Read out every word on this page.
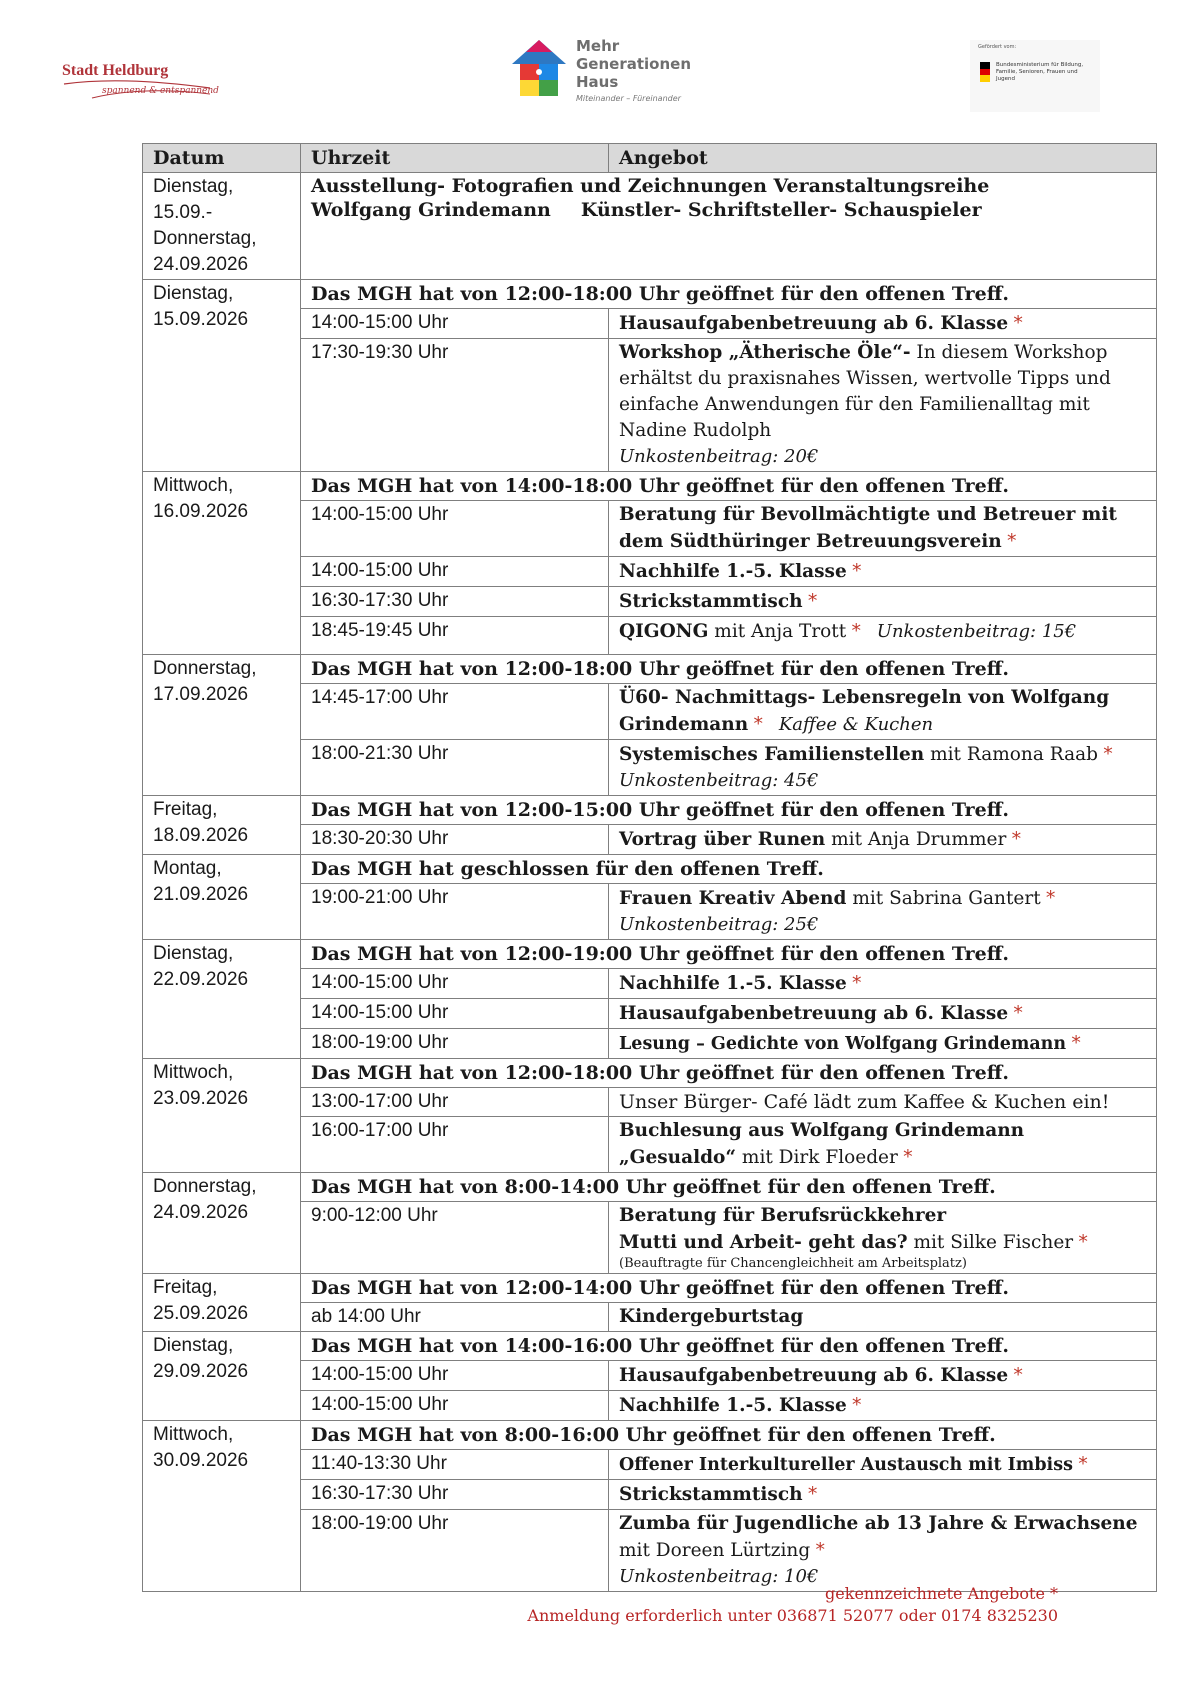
Stadt Heldburg
spannend & entspannend
Mehr
Generationen
Haus
Miteinander – Füreinander
Gefördert vom:
Bundesministerium für Bildung, Familie, Senioren, Frauen und Jugend
Datum	Uhrzeit	Angebot
Dienstag,
15.09.-
Donnerstag,
24.09.2026	Ausstellung- Fotografien und Zeichnungen Veranstaltungsreihe
Wolfgang Grindemann Künstler- Schriftsteller- Schauspieler	
Dienstag,
15.09.2026	Das MGH hat von 12:00-18:00 Uhr geöffnet für den offenen Treff.	
	14:00-15:00 Uhr	Hausaufgabenbetreuung ab 6. Klasse *
	17:30-19:30 Uhr	Workshop „Ätherische Öle“- In diesem Workshop erhältst du praxisnahes Wissen, wertvolle Tipps und einfache Anwendungen für den Familienalltag mit Nadine Rudolph
Unkostenbeitrag: 20€
Mittwoch,
16.09.2026	Das MGH hat von 14:00-18:00 Uhr geöffnet für den offenen Treff.	
	14:00-15:00 Uhr	Beratung für Bevollmächtigte und Betreuer mit dem Südthüringer Betreuungsverein *
	14:00-15:00 Uhr	Nachhilfe 1.-5. Klasse *
	16:30-17:30 Uhr	Strickstammtisch *
	18:45-19:45 Uhr	QIGONG mit Anja Trott * Unkostenbeitrag: 15€
Donnerstag,
17.09.2026	Das MGH hat von 12:00-18:00 Uhr geöffnet für den offenen Treff.	
	14:45-17:00 Uhr	Ü60- Nachmittags- Lebensregeln von Wolfgang Grindemann * Kaffee & Kuchen
	18:00-21:30 Uhr	Systemisches Familienstellen mit Ramona Raab *
Unkostenbeitrag: 45€
Freitag,
18.09.2026	Das MGH hat von 12:00-15:00 Uhr geöffnet für den offenen Treff.	
	18:30-20:30 Uhr	Vortrag über Runen mit Anja Drummer *
Montag,
21.09.2026	Das MGH hat geschlossen für den offenen Treff.	
	19:00-21:00 Uhr	Frauen Kreativ Abend mit Sabrina Gantert *
Unkostenbeitrag: 25€
Dienstag,
22.09.2026	Das MGH hat von 12:00-19:00 Uhr geöffnet für den offenen Treff.	
	14:00-15:00 Uhr	Nachhilfe 1.-5. Klasse *
	14:00-15:00 Uhr	Hausaufgabenbetreuung ab 6. Klasse *
	18:00-19:00 Uhr	Lesung – Gedichte von Wolfgang Grindemann *
Mittwoch,
23.09.2026	Das MGH hat von 12:00-18:00 Uhr geöffnet für den offenen Treff.	
	13:00-17:00 Uhr	Unser Bürger- Café lädt zum Kaffee & Kuchen ein!
	16:00-17:00 Uhr	Buchlesung aus Wolfgang Grindemann „Gesualdo“ mit Dirk Floeder *
Donnerstag,
24.09.2026	Das MGH hat von 8:00-14:00 Uhr geöffnet für den offenen Treff.	
	9:00-12:00 Uhr	Beratung für Berufsrückkehrer
Mutti und Arbeit- geht das? mit Silke Fischer *
(Beauftragte für Chancengleichheit am Arbeitsplatz)

Freitag,
25.09.2026	Das MGH hat von 12:00-14:00 Uhr geöffnet für den offenen Treff.	
	ab 14:00 Uhr	Kindergeburtstag
Dienstag,
29.09.2026	Das MGH hat von 14:00-16:00 Uhr geöffnet für den offenen Treff.	
	14:00-15:00 Uhr	Hausaufgabenbetreuung ab 6. Klasse *
	14:00-15:00 Uhr	Nachhilfe 1.-5. Klasse *
Mittwoch,
30.09.2026	Das MGH hat von 8:00-16:00 Uhr geöffnet für den offenen Treff.	
	11:40-13:30 Uhr	Offener Interkultureller Austausch mit Imbiss *
	16:30-17:30 Uhr	Strickstammtisch *
	18:00-19:00 Uhr	Zumba für Jugendliche ab 13 Jahre & Erwachsene mit Doreen Lürtzing *
Unkostenbeitrag: 10€
gekennzeichnete Angebote *
Anmeldung erforderlich unter 036871 52077 oder 0174 8325230
